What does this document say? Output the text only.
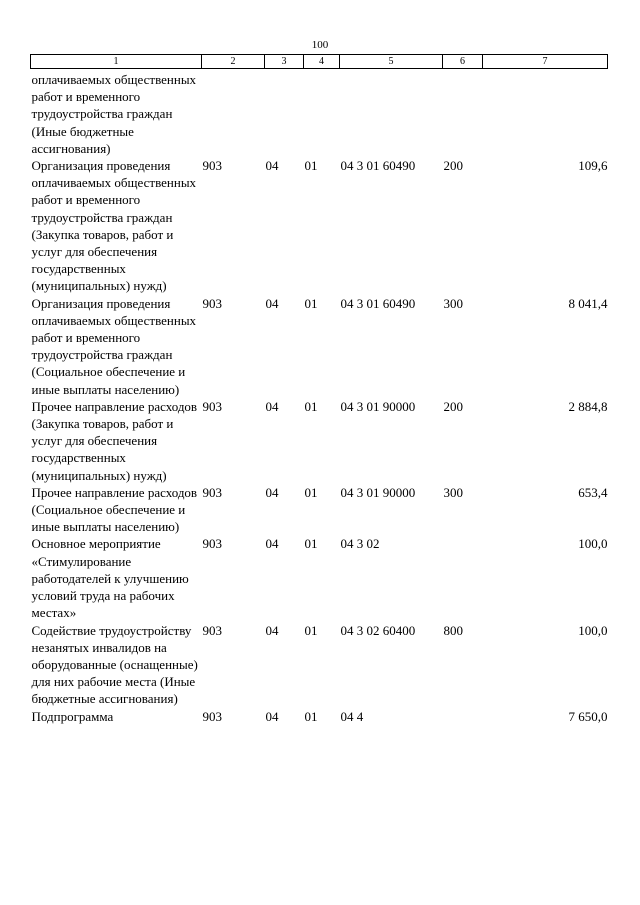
100
1	2	3	4	5	6	7
оплачиваемых общественных работ и временного трудоустройства граждан (Иные бюджетные ассигнования)						
Организация проведения оплачиваемых общественных работ и временного трудоустройства граждан (Закупка товаров, работ и услуг для обеспечения государственных (муниципальных) нужд)	903	04	01	04 3 01 60490	200	109,6
Организация проведения оплачиваемых общественных работ и временного трудоустройства граждан (Социальное обеспечение и иные выплаты населению)	903	04	01	04 3 01 60490	300	8 041,4
Прочее направление расходов (Закупка товаров, работ и услуг для обеспечения государственных (муниципальных) нужд)	903	04	01	04 3 01 90000	200	2 884,8
Прочее направление расходов (Социальное обеспечение и иные выплаты населению)	903	04	01	04 3 01 90000	300	653,4
Основное мероприятие «Стимулирование работодателей к улучшению условий труда на рабочих местах»	903	04	01	04 3 02		100,0
Содействие трудоустройству незанятых инвалидов на оборудованные (оснащенные) для них рабочие места (Иные бюджетные ассигнования)	903	04	01	04 3 02 60400	800	100,0
Подпрограмма	903	04	01	04 4		7 650,0
